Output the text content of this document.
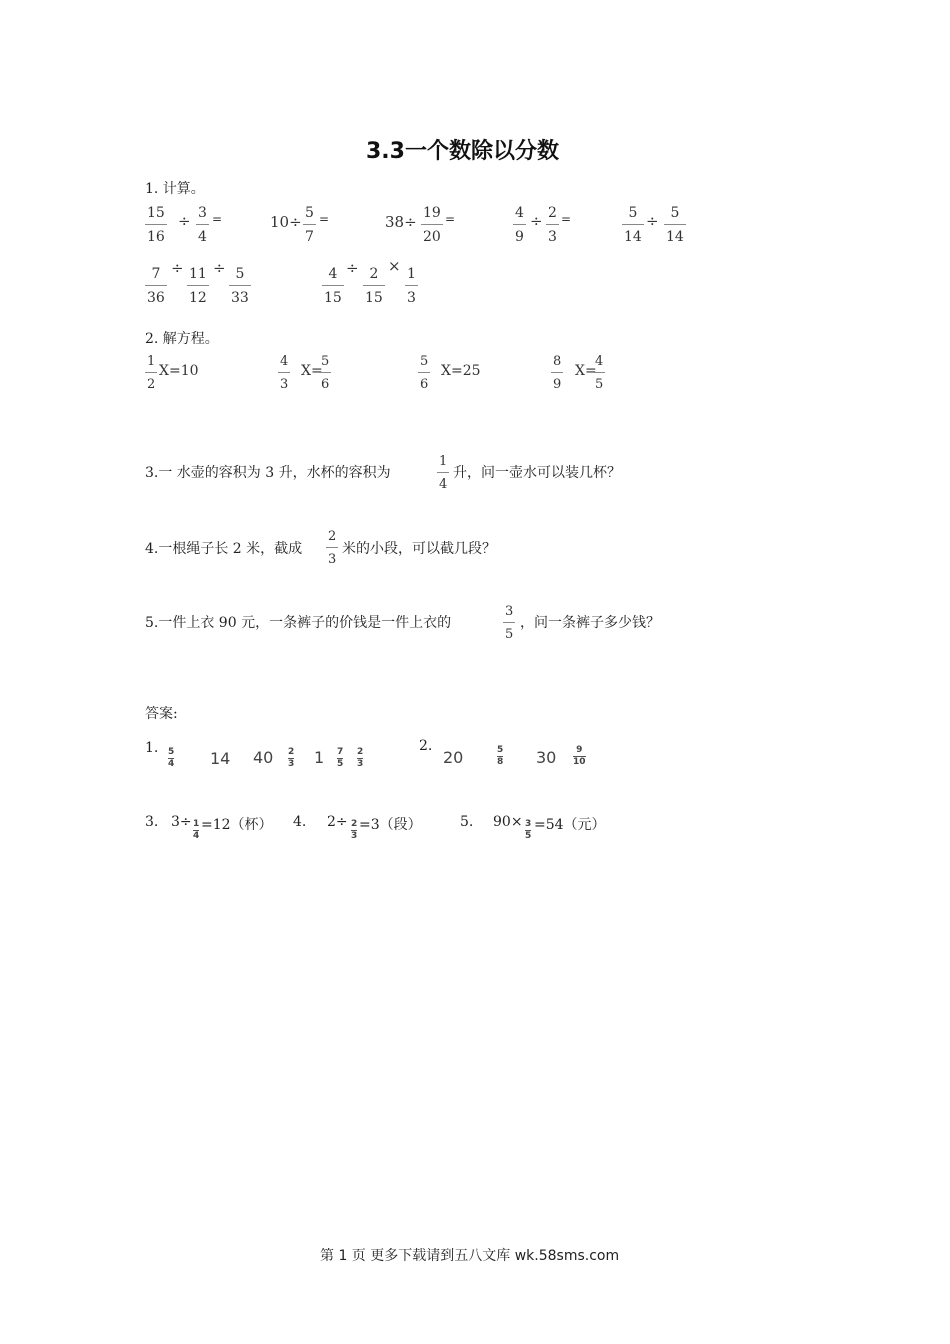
3.3一个数除以分数
1. 计算。
15
16
÷ 3
4
=	10÷ 5
7
=	38÷ 19
20
=	4
9
÷ 2
3
=	5
14
÷ 5
14
7
36
÷ 11
12
÷ 5
33
4
15
÷ 2
15
× 1
3
2. 解方程。
1
2
X=10
4
3
X=
5
6
5
6
X=25
8
9
X=
4
5
3.一 水壶的容积为 3 升，水杯的容积为
1
4
升，问一壶水可以装几杯？
4.一根绳子长 2 米，截成
2
3
米的小段，可以截几段？
5.一件上衣 90 元，一条裤子的价钱是一件上衣的
3
5
，问一条裤子多少钱？
答案:
1. 5
4 14 40 2
3 1 7
5
2
3
2.
20	5
8 30 9
10
3. 3÷ 1
4
=12（杯） 4. 2÷ 2
3
=3（段）	5. 90× 3
5
=54（元）
第 1 页 更多下载请到五八文库 wk.58sms.com
